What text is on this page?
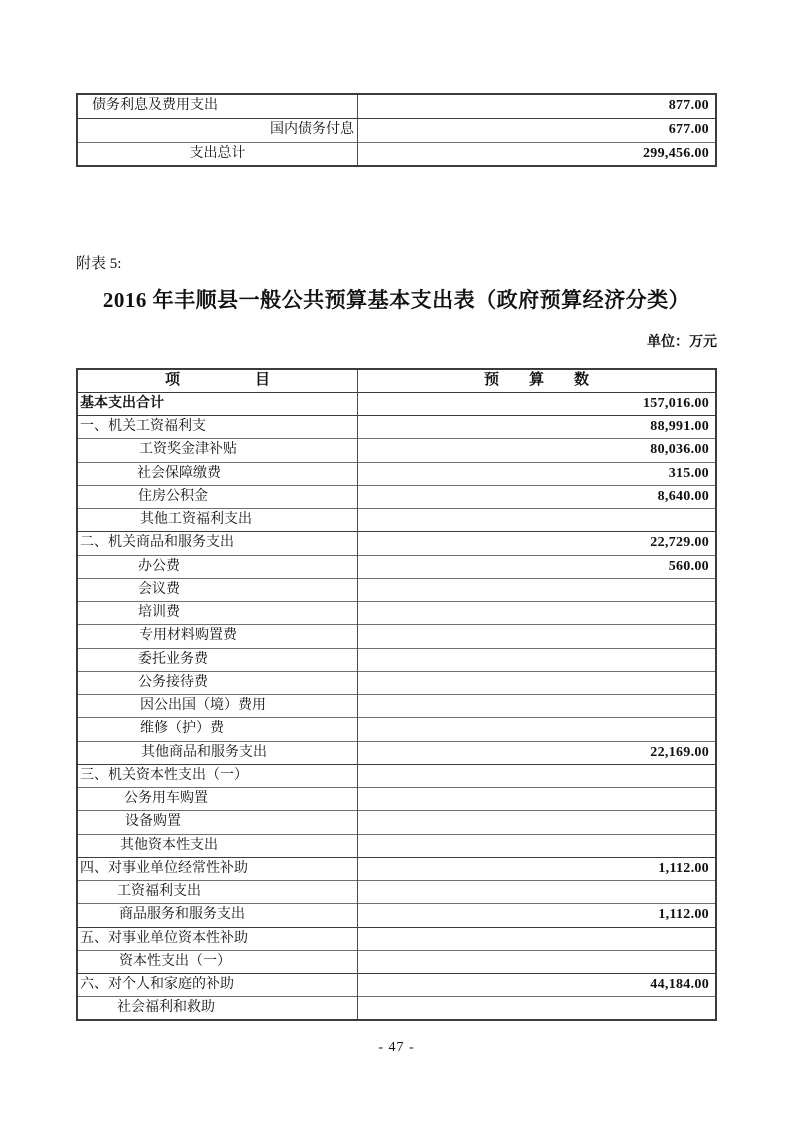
债务利息及费用支出	877.00

国内债务付息	677.00

支出总计	299,456.00
附表 5:
2016 年丰顺县一般公共预算基本支出表（政府预算经济分类）
单位：万元
项　　　　　目	预　　算　　数

基本支出合计	157,016.00

一、机关工资福利支	88,991.00

工资奖金津补贴	80,036.00

社会保障缴费	315.00

住房公积金	8,640.00

其他工资福利支出	

二、机关商品和服务支出	22,729.00

办公费	560.00

会议费	

培训费	

专用材料购置费	

委托业务费	

公务接待费	

因公出国（境）费用	

维修（护）费	

其他商品和服务支出	22,169.00

三、机关资本性支出（一）	

公务用车购置	

设备购置	

其他资本性支出	

四、对事业单位经常性补助	1,112.00

工资福利支出	

商品服务和服务支出	1,112.00

五、对事业单位资本性补助	

资本性支出（一）	

六、对个人和家庭的补助	44,184.00

社会福利和救助	

- 47 -
